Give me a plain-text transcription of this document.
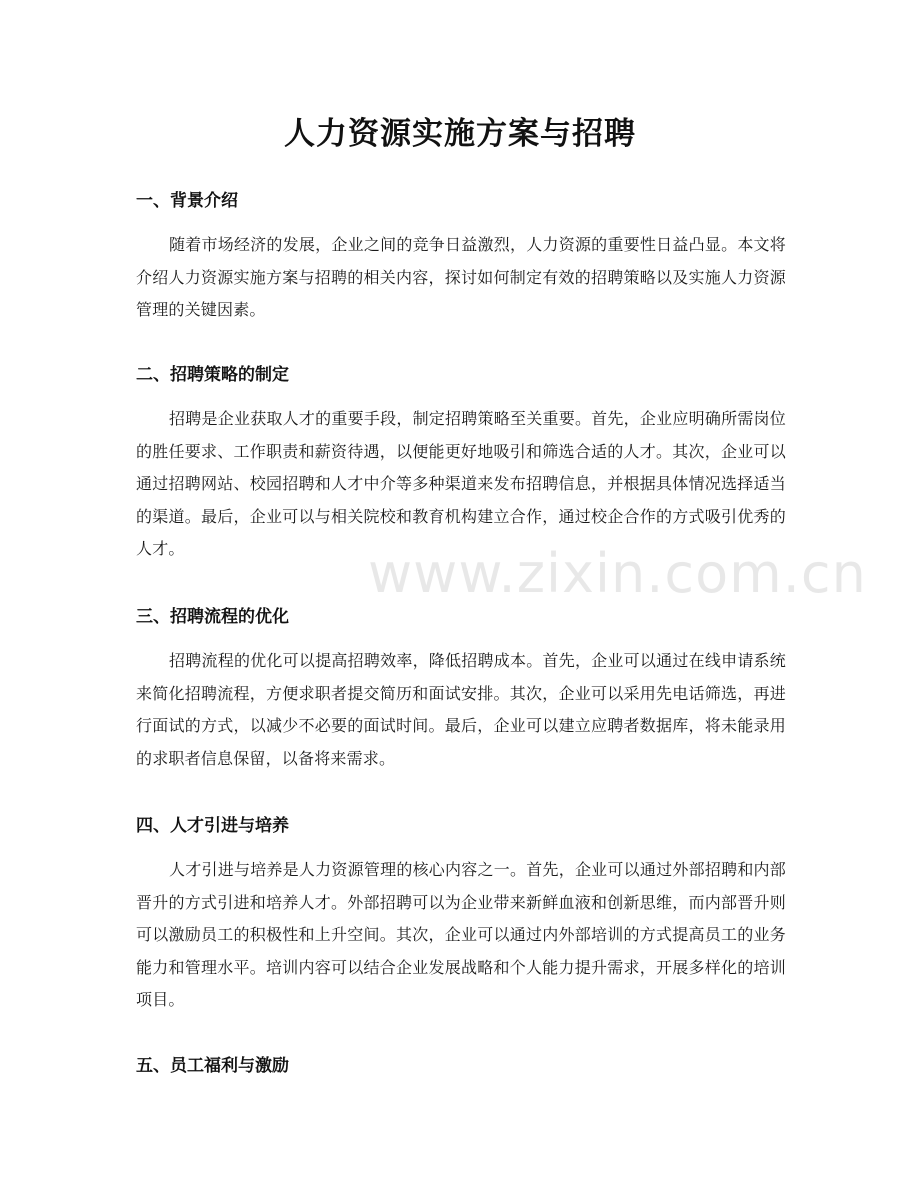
人力资源实施方案与招聘
一、背景介绍

随着市场经济的发展，企业之间的竞争日益激烈，人力资源的重要性日益凸显。本文将介绍人力资源实施方案与招聘的相关内容，探讨如何制定有效的招聘策略以及实施人力资源管理的关键因素。

二、招聘策略的制定

招聘是企业获取人才的重要手段，制定招聘策略至关重要。首先，企业应明确所需岗位的胜任要求、工作职责和薪资待遇，以便能更好地吸引和筛选合适的人才。其次，企业可以通过招聘网站、校园招聘和人才中介等多种渠道来发布招聘信息，并根据具体情况选择适当的渠道。最后，企业可以与相关院校和教育机构建立合作，通过校企合作的方式吸引优秀的人才。

三、招聘流程的优化

招聘流程的优化可以提高招聘效率，降低招聘成本。首先，企业可以通过在线申请系统来简化招聘流程，方便求职者提交简历和面试安排。其次，企业可以采用先电话筛选，再进行面试的方式，以减少不必要的面试时间。最后，企业可以建立应聘者数据库，将未能录用的求职者信息保留，以备将来需求。

四、人才引进与培养

人才引进与培养是人力资源管理的核心内容之一。首先，企业可以通过外部招聘和内部晋升的方式引进和培养人才。外部招聘可以为企业带来新鲜血液和创新思维，而内部晋升则可以激励员工的积极性和上升空间。其次，企业可以通过内外部培训的方式提高员工的业务能力和管理水平。培训内容可以结合企业发展战略和个人能力提升需求，开展多样化的培训项目。

五、员工福利与激励
www.zixin.com.cn
